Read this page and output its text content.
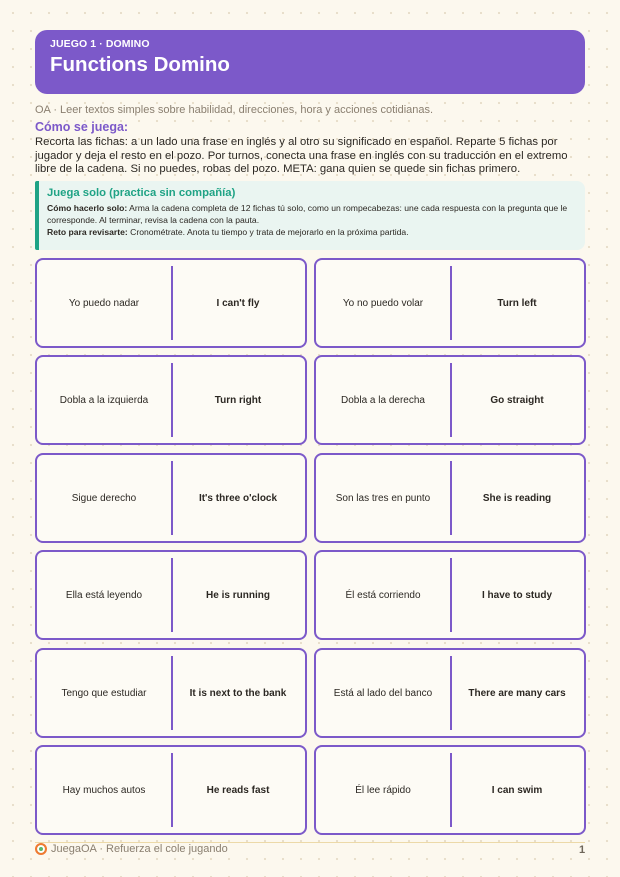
JUEGO 1 · DOMINO
Functions Domino
OA · Leer textos simples sobre habilidad, direcciones, hora y acciones cotidianas.
Cómo se juega:
Recorta las fichas: a un lado una frase en inglés y al otro su significado en español. Reparte 5 fichas por jugador y deja el resto en el pozo. Por turnos, conecta una frase en inglés con su traducción en el extremo libre de la cadena. Si no puedes, robas del pozo. META: gana quien se quede sin fichas primero.
Juega solo (practica sin compañía)
Cómo hacerlo solo: Arma la cadena completa de 12 fichas tú solo, como un rompecabezas: une cada respuesta con la pregunta que le corresponde. Al terminar, revisa la cadena con la pauta.
Reto para revisarte: Cronométrate. Anota tu tiempo y trata de mejorarlo en la próxima partida.
Yo puedo nadar	I can't fly	Yo no puedo volar	Turn left
Dobla a la izquierda	Turn right	Dobla a la derecha	Go straight
Sigue derecho	It's three o'clock	Son las tres en punto	She is reading
Ella está leyendo	He is running	Él está corriendo	I have to study
Tengo que estudiar	It is next to the bank	Está al lado del banco	There are many cars
Hay muchos autos	He reads fast	Él lee rápido	I can swim
JuegaOA · Refuerza el cole jugando	1
